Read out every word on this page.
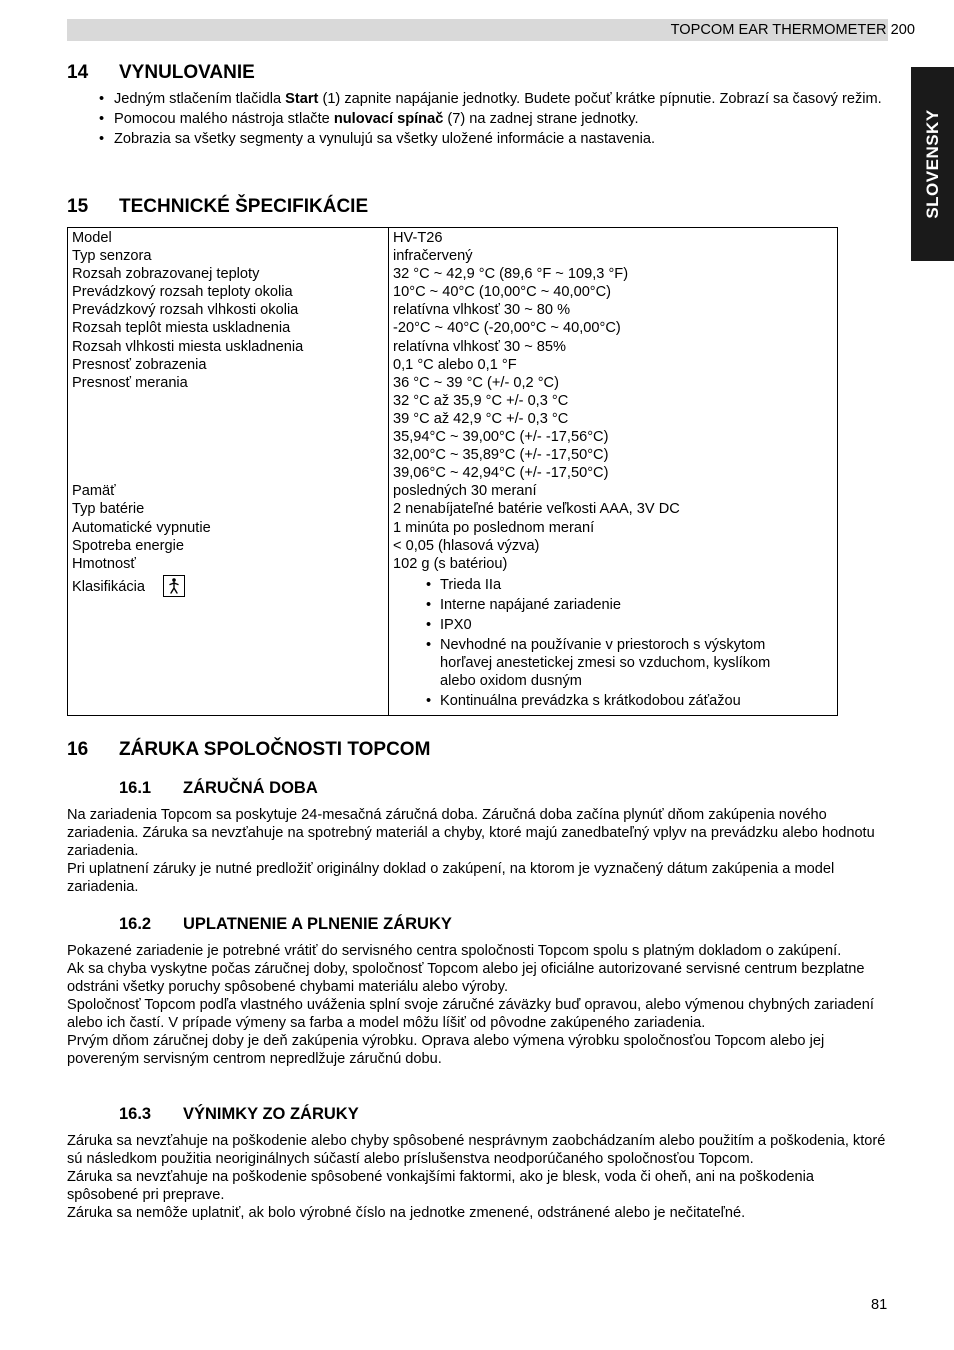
TOPCOM EAR THERMOMETER 200
SLOVENSKY
14 VYNULOVANIE
• Jedným stlačením tlačidla Start (1) zapnite napájanie jednotky. Budete počuť krátke pípnutie. Zobrazí sa časový režim.
• Pomocou malého nástroja stlačte nulovací spínač (7) na zadnej strane jednotky.
• Zobrazia sa všetky segmenty a vynulujú sa všetky uložené informácie a nastavenia.
15 TECHNICKÉ ŠPECIFIKÁCIE
Model
Typ senzora
Rozsah zobrazovanej teploty
Prevádzkový rozsah teploty okolia
Prevádzkový rozsah vlhkosti okolia
Rozsah teplôt miesta uskladnenia
Rozsah vlhkosti miesta uskladnenia
Presnosť zobrazenia
Presnosť merania
Pamäť
Typ batérie
Automatické vypnutie
Spotreba energie
Hmotnosť
Klasifikácia
HV-T26
infračervený
32 °C ~ 42,9 °C (89,6 °F ~ 109,3 °F)
10°C ~ 40°C (10,00°C ~ 40,00°C)
relatívna vlhkosť 30 ~ 80 %
-20°C ~ 40°C (-20,00°C ~ 40,00°C)
relatívna vlhkosť 30 ~ 85%
0,1 °C alebo 0,1 °F
36 °C ~ 39 °C (+/- 0,2 °C)
32 °C až 35,9 °C +/- 0,3 °C
39 °C až 42,9 °C +/- 0,3 °C
35,94°C ~ 39,00°C (+/- -17,56°C)
32,00°C ~ 35,89°C (+/- -17,50°C)
39,06°C ~ 42,94°C (+/- -17,50°C)
posledných 30 meraní
2 nenabíjateľné batérie veľkosti AAA, 3V DC
1 minúta po poslednom meraní
< 0,05 (hlasová výzva)
102 g (s batériou)
• Trieda IIa
• Interne napájané zariadenie
• IPX0
• Nevhodné na používanie v priestoroch s výskytom horľavej anestetickej zmesi so vzduchom, kyslíkom alebo oxidom dusným
• Kontinuálna prevádzka s krátkodobou záťažou
16 ZÁRUKA SPOLOČNOSTI TOPCOM
16.1 ZÁRUČNÁ DOBA
Na zariadenia Topcom sa poskytuje 24-mesačná záručná doba. Záručná doba začína plynúť dňom zakúpenia nového zariadenia. Záruka sa nevzťahuje na spotrebný materiál a chyby, ktoré majú zanedbateľný vplyv na prevádzku alebo hodnotu zariadenia.
Pri uplatnení záruky je nutné predložiť originálny doklad o zakúpení, na ktorom je vyznačený dátum zakúpenia a model zariadenia.
16.2 UPLATNENIE A PLNENIE ZÁRUKY
Pokazené zariadenie je potrebné vrátiť do servisného centra spoločnosti Topcom spolu s platným dokladom o zakúpení.
Ak sa chyba vyskytne počas záručnej doby, spoločnosť Topcom alebo jej oficiálne autorizované servisné centrum bezplatne odstráni všetky poruchy spôsobené chybami materiálu alebo výroby.
Spoločnosť Topcom podľa vlastného uváženia splní svoje záručné záväzky buď opravou, alebo výmenou chybných zariadení alebo ich častí. V prípade výmeny sa farba a model môžu líšiť od pôvodne zakúpeného zariadenia.
Prvým dňom záručnej doby je deň zakúpenia výrobku. Oprava alebo výmena výrobku spoločnosťou Topcom alebo jej povereným servisným centrom nepredlžuje záručnú dobu.
16.3 VÝNIMKY ZO ZÁRUKY
Záruka sa nevzťahuje na poškodenie alebo chyby spôsobené nesprávnym zaobchádzaním alebo použitím a poškodenia, ktoré sú následkom použitia neoriginálnych súčastí alebo príslušenstva neodporúčaného spoločnosťou Topcom.
Záruka sa nevzťahuje na poškodenie spôsobené vonkajšími faktormi, ako je blesk, voda či oheň, ani na poškodenia spôsobené pri preprave.
Záruka sa nemôže uplatniť, ak bolo výrobné číslo na jednotke zmenené, odstránené alebo je nečitateľné.
81
